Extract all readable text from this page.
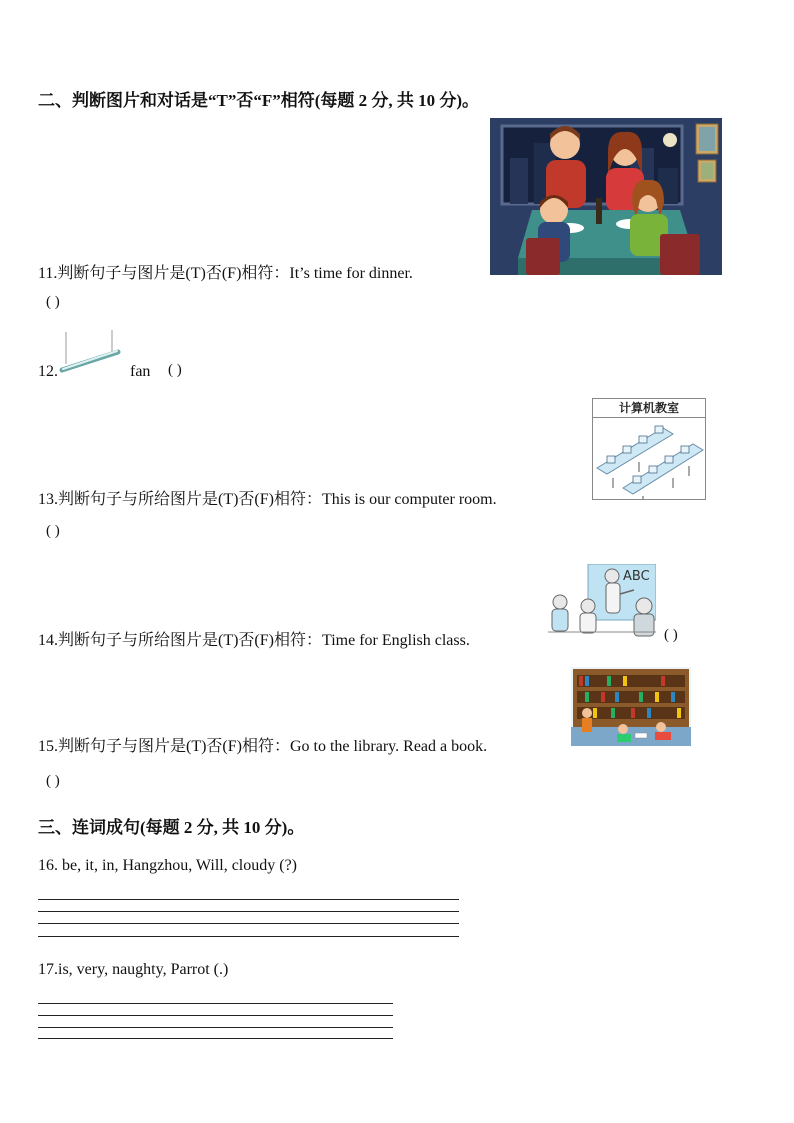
二、判断图片和对话是“T”否“F”相符(每题 2 分, 共 10 分)。
11.判断句子与图片是(T)否(F)相符：It’s time for dinner.
( )
12.	fan ( )
计算机教室
13.判断句子与所给图片是(T)否(F)相符：This is our computer room.
( )
14.判断句子与所给图片是(T)否(F)相符：Time for English class.
ABC
( )
15.判断句子与图片是(T)否(F)相符：Go to the library. Read a book.
( )
三、连词成句(每题 2 分, 共 10 分)。
16. be, it, in, Hangzhou, Will, cloudy (?)
17.is, very, naughty, Parrot (.)
